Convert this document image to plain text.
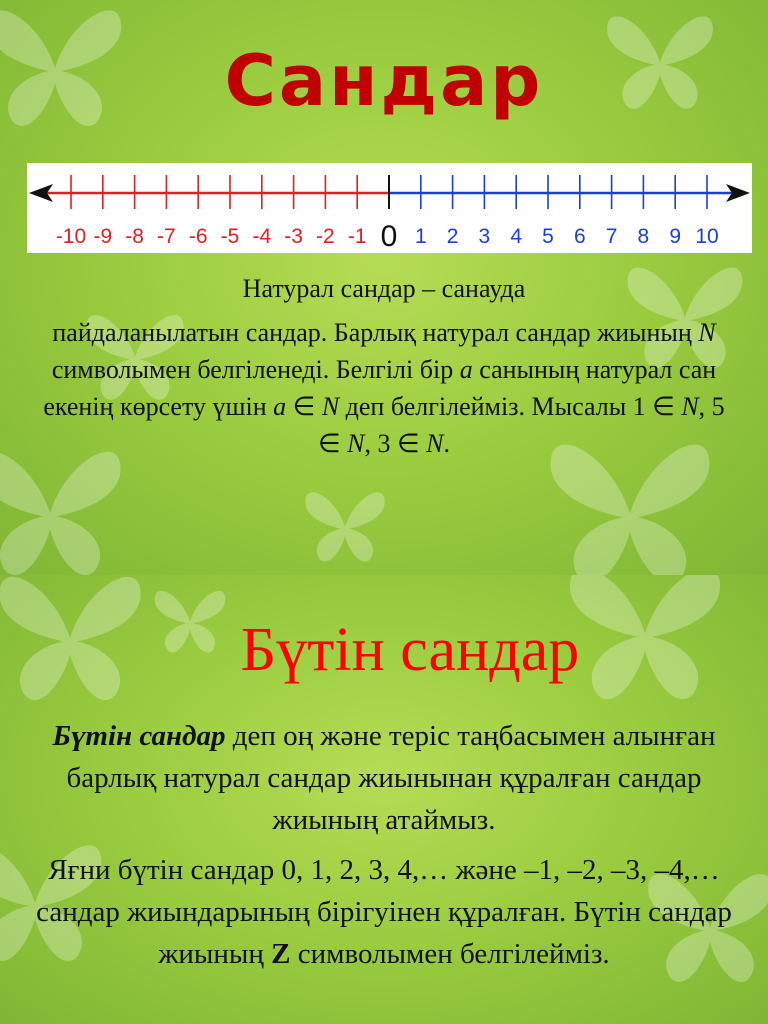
Сандар
-10 -9 -8 -7 -6 -5 -4 -3 -2 -1 0 1 2 3 4 5 6 7 8 9 10

Натурал сандар – санауда

пайдаланылатын сандар. Барлық натурал сандар жиының N символымен белгіленеді. Белгілі бір a санының натурал сан екенің көрсету үшін a ∈ N деп белгілейміз. Мысалы 1 ∈ N, 5 ∈ N, 3 ∈ N.

Бүтін сандар

Бүтін сандар деп оң және теріс таңбасымен алынған барлық натурал сандар жиынынан құралған сандар жиының атаймыз.

Яғни бүтін сандар 0, 1, 2, 3, 4,… және –1, –2, –3, –4,… сандар жиындарының бірігуінен құралған. Бүтін сандар жиының Z символымен белгілейміз.
